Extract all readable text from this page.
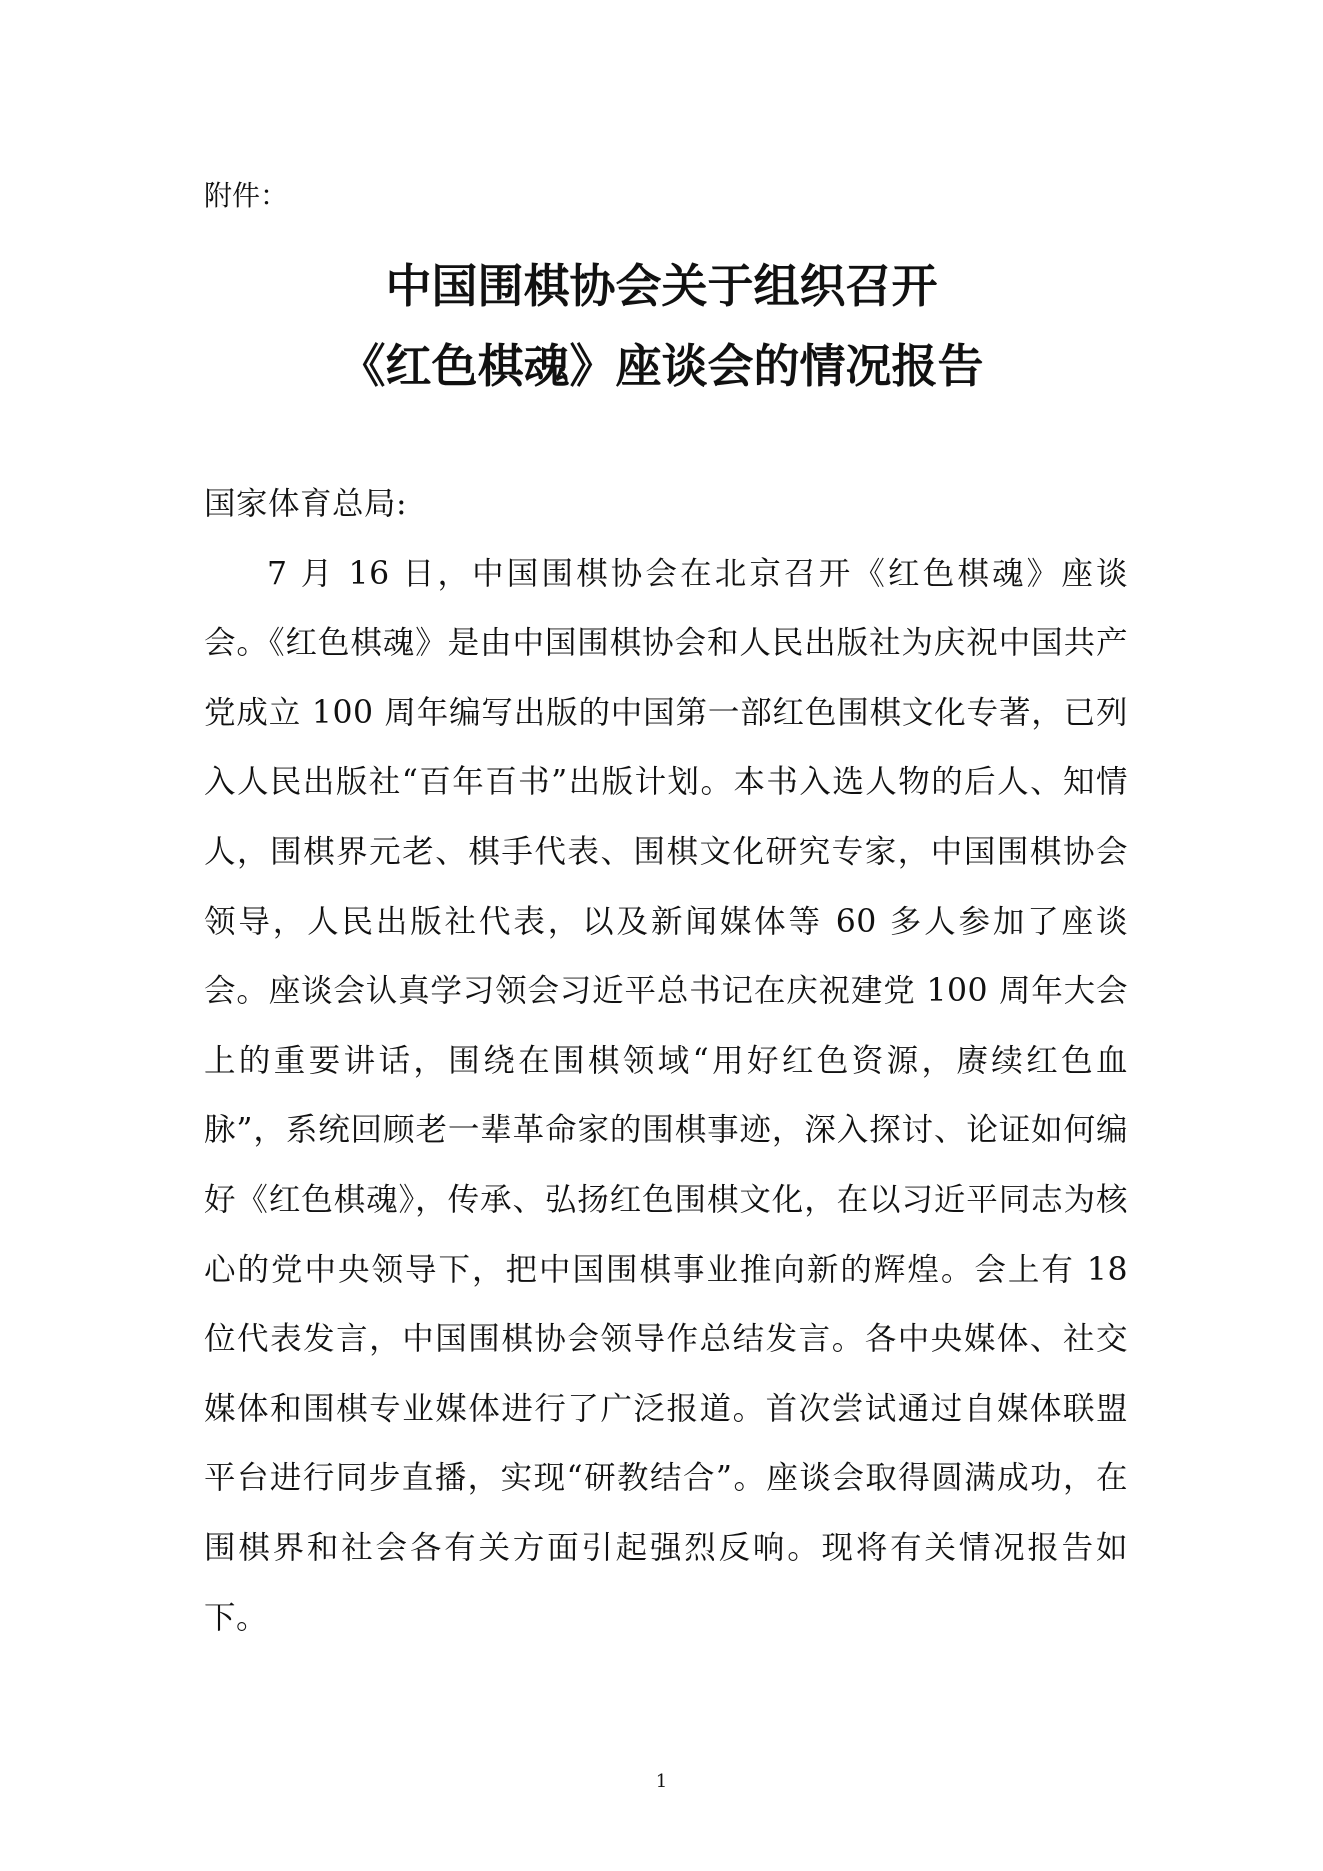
附件：

中国围棋协会关于组织召开
《红色棋魂》座谈会的情况报告

国家体育总局:

7 月 16 日，中国围棋协会在北京召开《红色棋魂》座谈会。《红色棋魂》是由中国围棋协会和人民出版社为庆祝中国共产党成立 100 周年编写出版的中国第一部红色围棋文化专著，已列入人民出版社“百年百书”出版计划。本书入选人物的后人、知情人，围棋界元老、棋手代表、围棋文化研究专家，中国围棋协会领导，人民出版社代表，以及新闻媒体等 60 多人参加了座谈会。座谈会认真学习领会习近平总书记在庆祝建党 100 周年大会上的重要讲话，围绕在围棋领域“用好红色资源，赓续红色血脉”，系统回顾老一辈革命家的围棋事迹，深入探讨、论证如何编好《红色棋魂》，传承、弘扬红色围棋文化，在以习近平同志为核心的党中央领导下，把中国围棋事业推向新的辉煌。会上有 18 位代表发言，中国围棋协会领导作总结发言。各中央媒体、社交媒体和围棋专业媒体进行了广泛报道。首次尝试通过自媒体联盟平台进行同步直播，实现“研教结合”。座谈会取得圆满成功，在围棋界和社会各有关方面引起强烈反响。现将有关情况报告如下。

1
